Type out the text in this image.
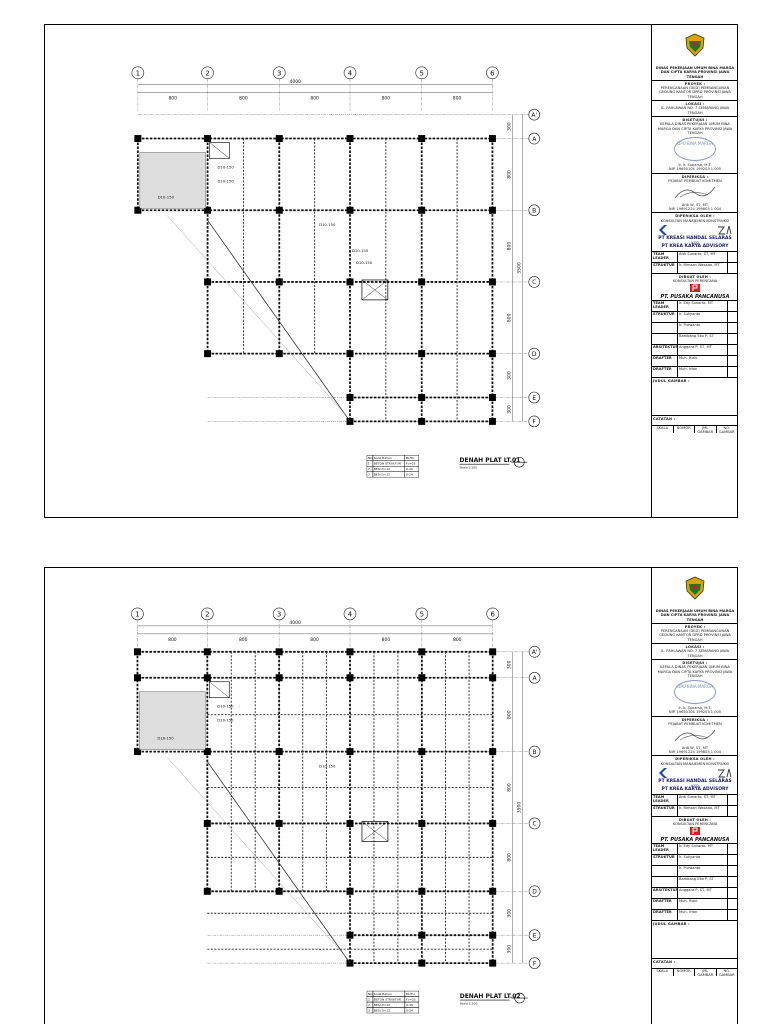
1	2	3	4	5	6
4000
800	800	800	800	800
A'
A
B
C
D
E
F
300
800
800
800
300
300
3500
D10-150
D10-150
D10-150
D10-150
D10-150
D10-150
NO Kode Bahan	MUTU
1 BETON STRUKTUR f'c=25
2 BESI D>12	U-39
3 BESI D<12	U-24
DENAH PLAT LT.01
Skala 1:100
DINAS PEKERJAAN UMUM BINA MARGA DAN CIPTA KARYA PROVINSI JAWA TENGAH
PROYEK :
PERENCANAAN (DED) PEMBANGUNAN GEDUNG KANTOR DPRD PROVINSI JAWA TENGAH
LOKASI :
JL. PAHLAWAN NO. 7 SEMARANG JAWA TENGAH
DISETUJUI :
KEPALA DINAS PEKERJAAN UMUM BINA MARGA DAN CIPTA KARYA PROVINSI JAWA TENGAH
DPU BINA MARGA
Ir. Ir. Sunarso, M.T.
NIP. 19650104 199203 1 005
DIPERIKSA :
PEJABAT PEMBUAT KOMITMEN
Ardi W, ST, MT
NIP. 19691224 199803 1 004
DIPERIKSA OLEH :
KONSULTAN MANAJEMEN KONSTRUKSI
PT KREASI HANDAL SELARAS
KSO
PT KREA KARYA ADVISORY
TEAM LEADER
Ardi Sunarto, ST, MT
STRUKTUR	Ir. Rimsan Wasaba, MT
DIBUAT OLEH :
KONSULTAN PERENCANA
PT. PUSAKA PANCANUSA
TEAM LEADER
Ir. Edy Sunarto, MT
STRUKTUR	Ir. Sukyanto
Ir. Purwanto
Bambang Eko P, ST
ARSITEKTUR Anggara P, ST, MT
DRAFTER	Muh. Rizki
DRAFTER	Muh. Irfan
JUDUL GAMBAR :
CATATAN :
SKALA	NOMOR	JML GAMBAR
NO. GAMBAR
1	2	3	4	5	6
4000
800	800	800	800	800
A'
A
B
C
D
E
F
300
800
800
800
300
300
3500
D10-150
D10-150
D10-150
D10-150
NO Kode Bahan	MUTU
1 BETON STRUKTUR f'c=25
2 BESI D>12	U-39
3 BESI D<12	U-24
DENAH PLAT LT.02
Skala 1:100
DINAS PEKERJAAN UMUM BINA MARGA DAN CIPTA KARYA PROVINSI JAWA TENGAH
PROYEK :
PERENCANAAN (DED) PEMBANGUNAN GEDUNG KANTOR DPRD PROVINSI JAWA TENGAH
LOKASI :
JL. PAHLAWAN NO. 7 SEMARANG JAWA TENGAH
DISETUJUI :
KEPALA DINAS PEKERJAAN UMUM BINA MARGA DAN CIPTA KARYA PROVINSI JAWA TENGAH
DPU BINA MARGA
Ir. Ir. Sunarso, M.T.
NIP. 19650104 199203 1 005
DIPERIKSA :
PEJABAT PEMBUAT KOMITMEN
Ardi W, ST, MT
NIP. 19691224 199803 1 004
DIPERIKSA OLEH :
KONSULTAN MANAJEMEN KONSTRUKSI
PT KREASI HANDAL SELARAS
KSO
PT KREA KARYA ADVISORY
TEAM LEADER
Ardi Sunarto, ST, MT
STRUKTUR	Ir. Rimsan Wasaba, MT
DIBUAT OLEH :
KONSULTAN PERENCANA
PT. PUSAKA PANCANUSA
TEAM LEADER
Ir. Edy Sunarto, MT
STRUKTUR	Ir. Sukyanto
Ir. Purwanto
Bambang Eko P, ST
ARSITEKTUR Anggara P, ST, MT
DRAFTER	Muh. Rizki
DRAFTER	Muh. Irfan
JUDUL GAMBAR :
CATATAN :
SKALA	NOMOR	JML GAMBAR
NO. GAMBAR
